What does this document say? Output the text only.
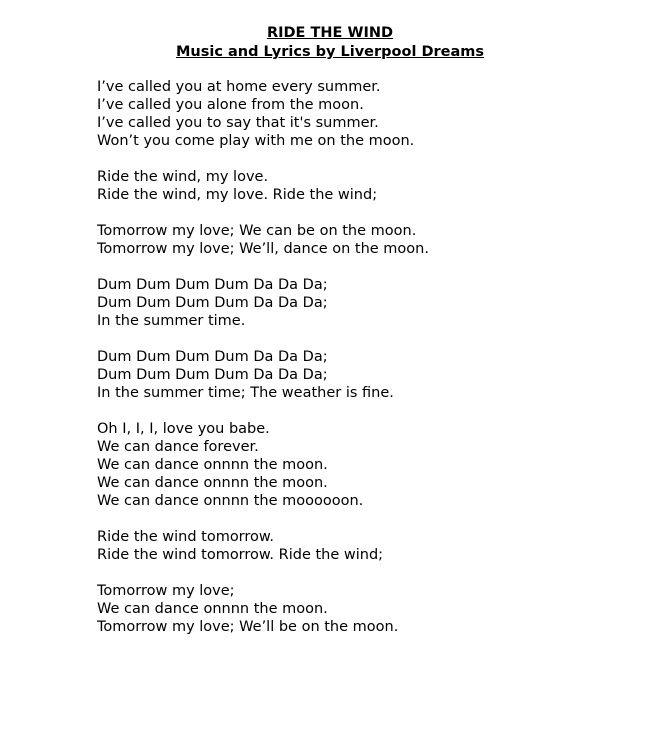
RIDE THE WIND
Music and Lyrics by Liverpool Dreams
I’ve called you at home every summer.
I’ve called you alone from the moon.
I’ve called you to say that it's summer.
Won’t you come play with me on the moon.
Ride the wind, my love.
Ride the wind, my love. Ride the wind;
Tomorrow my love; We can be on the moon.
Tomorrow my love; We’ll, dance on the moon.
Dum Dum Dum Dum Da Da Da;
Dum Dum Dum Dum Da Da Da;
In the summer time.
Dum Dum Dum Dum Da Da Da;
Dum Dum Dum Dum Da Da Da;
In the summer time; The weather is fine.
Oh I, I, I, love you babe.
We can dance forever.
We can dance onnnn the moon.
We can dance onnnn the moon.
We can dance onnnn the moooooon.
Ride the wind tomorrow.
Ride the wind tomorrow. Ride the wind;
Tomorrow my love;
We can dance onnnn the moon.
Tomorrow my love; We’ll be on the moon.
